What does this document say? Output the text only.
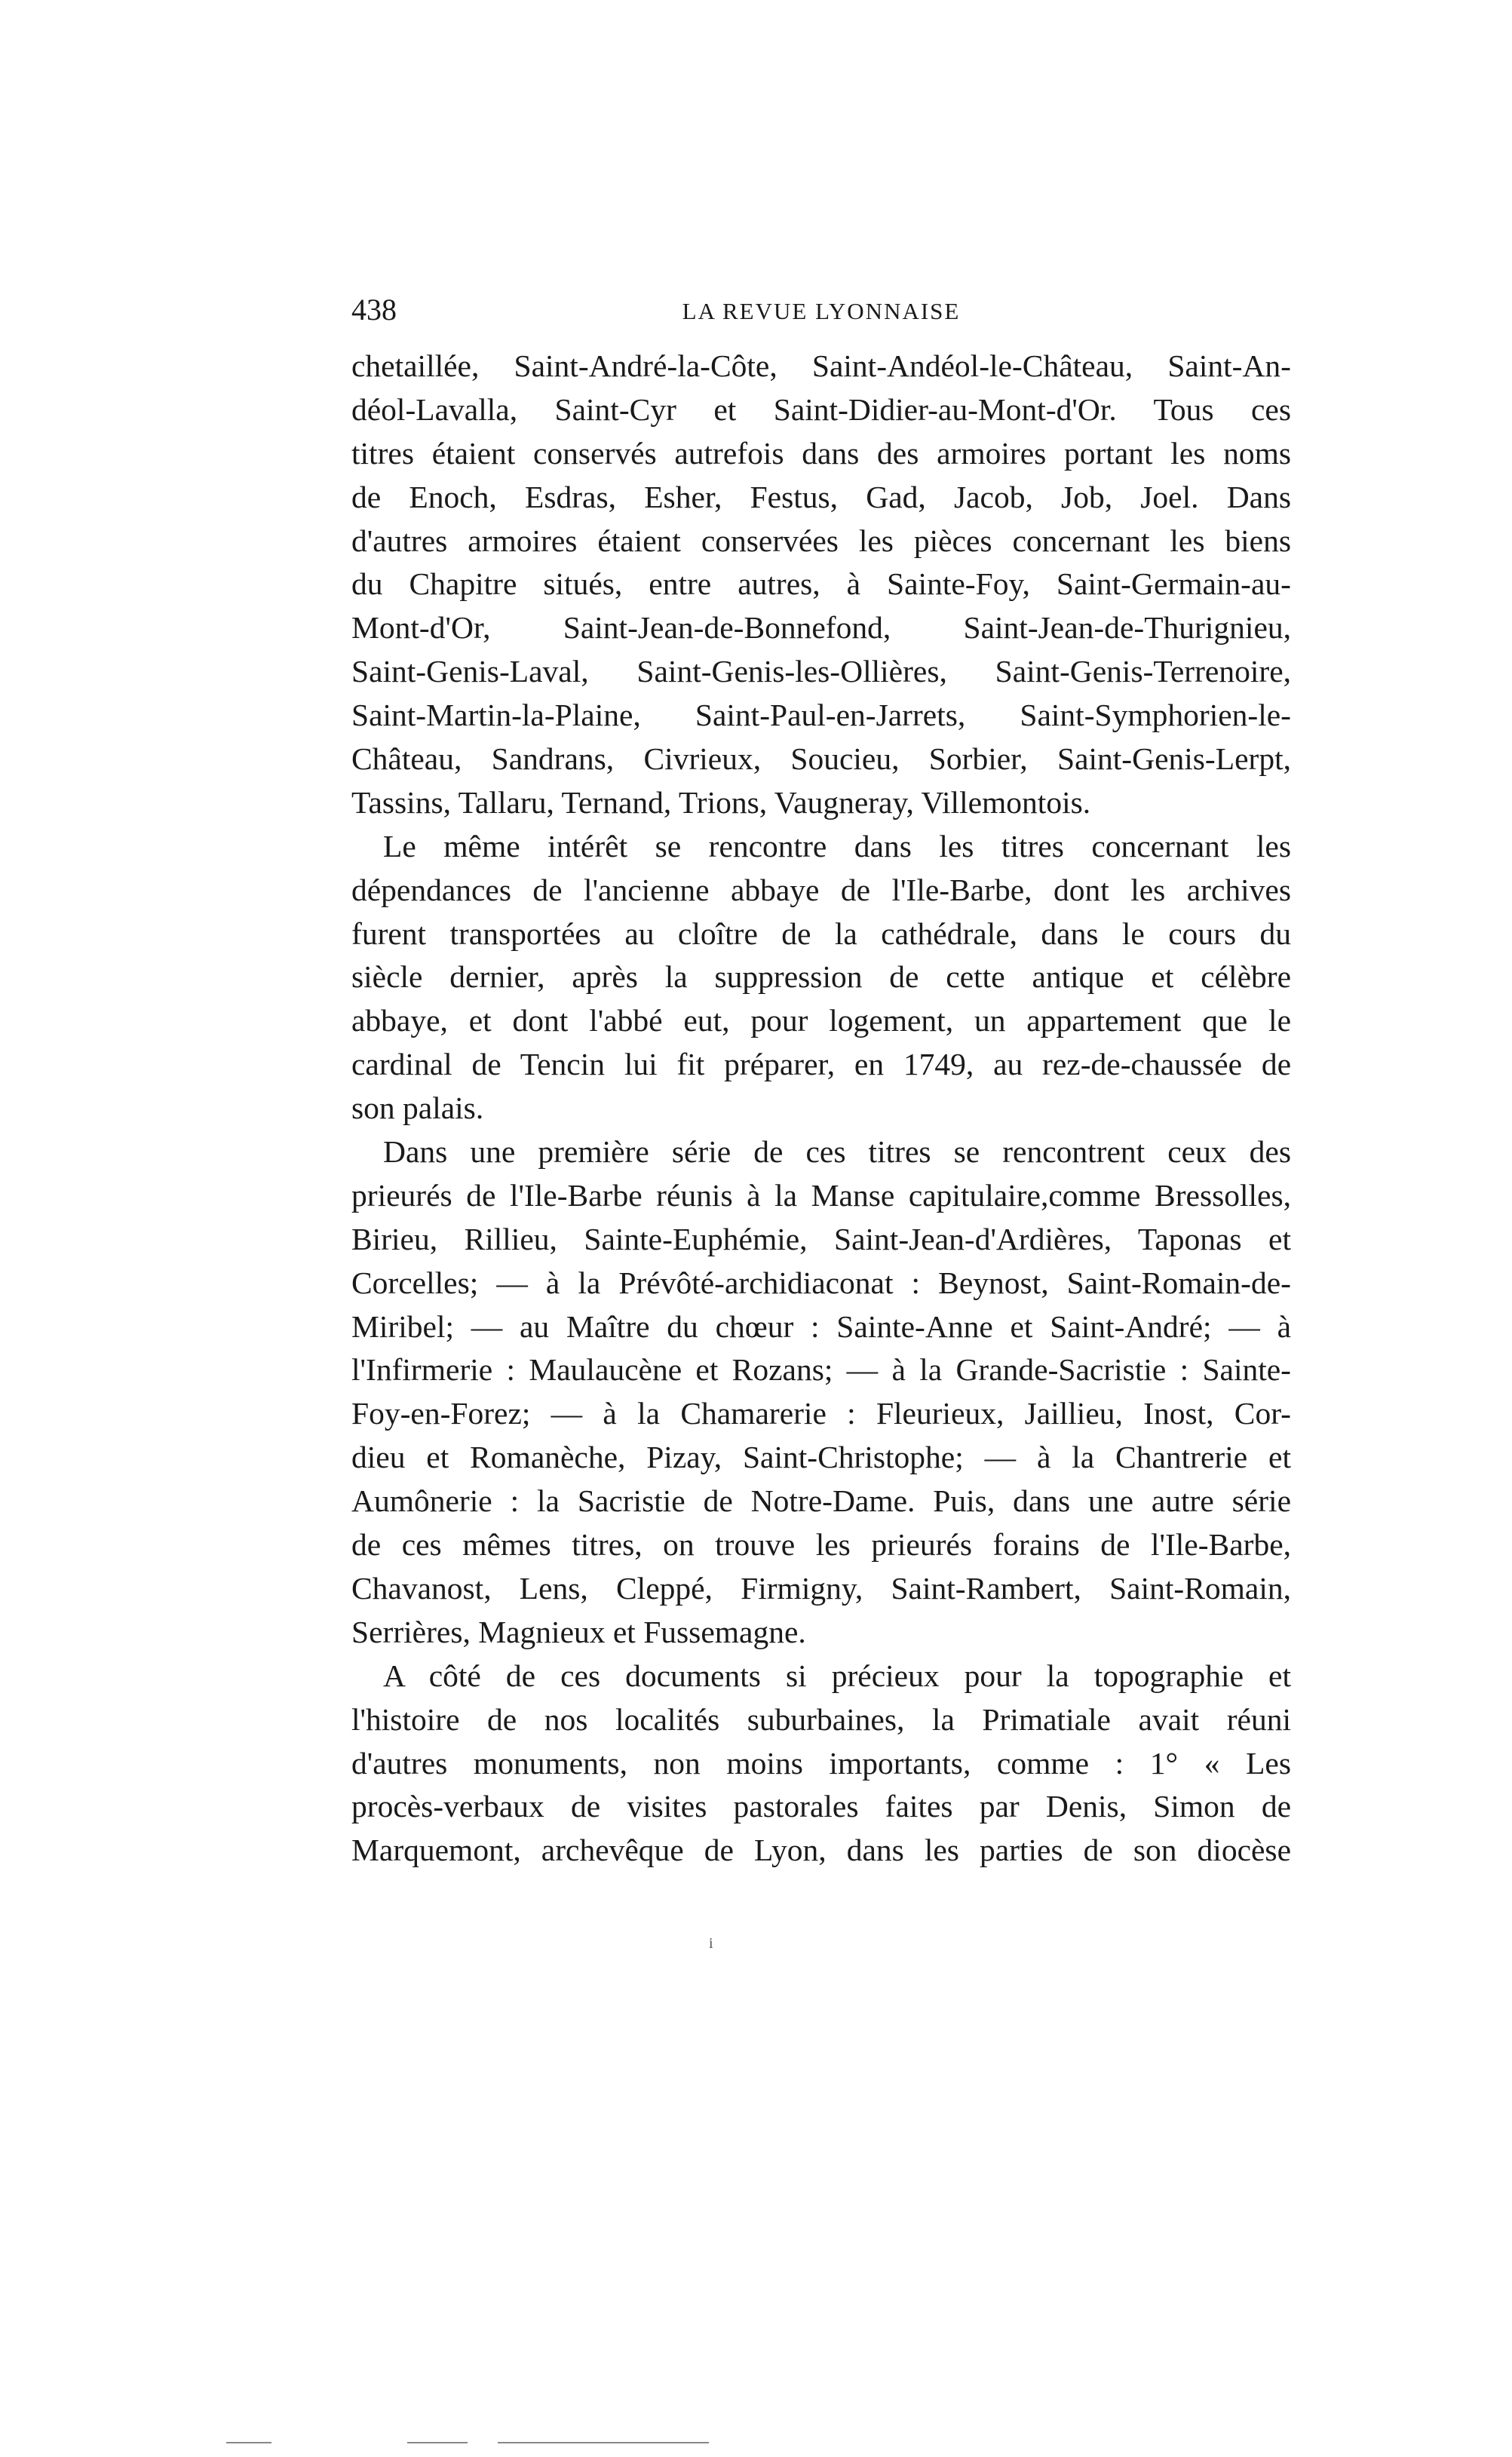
438	LA REVUE LYONNAISE
chetaillée, Saint-André-la-Côte, Saint-Andéol-le-Château, Saint-An-
déol-Lavalla, Saint-Cyr et Saint-Didier-au-Mont-d'Or. Tous ces
titres étaient conservés autrefois dans des armoires portant les noms
de Enoch, Esdras, Esher, Festus, Gad, Jacob, Job, Joel. Dans
d'autres armoires étaient conservées les pièces concernant les biens
du Chapitre situés, entre autres, à Sainte-Foy, Saint-Germain-au-
Mont-d'Or, Saint-Jean-de-Bonnefond, Saint-Jean-de-Thurignieu,
Saint-Genis-Laval, Saint-Genis-les-Ollières, Saint-Genis-Terrenoire,
Saint-Martin-la-Plaine, Saint-Paul-en-Jarrets, Saint-Symphorien-le-
Château, Sandrans, Civrieux, Soucieu, Sorbier, Saint-Genis-Lerpt,
Tassins, Tallaru, Ternand, Trions, Vaugneray, Villemontois.
Le même intérêt se rencontre dans les titres concernant les
dépendances de l'ancienne abbaye de l'Ile-Barbe, dont les archives
furent transportées au cloître de la cathédrale, dans le cours du
siècle dernier, après la suppression de cette antique et célèbre
abbaye, et dont l'abbé eut, pour logement, un appartement que le
cardinal de Tencin lui fit préparer, en 1749, au rez-de-chaussée de
son palais.
Dans une première série de ces titres se rencontrent ceux des
prieurés de l'Ile-Barbe réunis à la Manse capitulaire,comme Bressolles,
Birieu, Rillieu, Sainte-Euphémie, Saint-Jean-d'Ardières, Taponas et
Corcelles; — à la Prévôté-archidiaconat : Beynost, Saint-Romain-de-
Miribel; — au Maître du chœur : Sainte-Anne et Saint-André; — à
l'Infirmerie : Maulaucène et Rozans; — à la Grande-Sacristie : Sainte-
Foy-en-Forez; — à la Chamarerie : Fleurieux, Jaillieu, Inost, Cor-
dieu et Romanèche, Pizay, Saint-Christophe; — à la Chantrerie et
Aumônerie : la Sacristie de Notre-Dame. Puis, dans une autre série
de ces mêmes titres, on trouve les prieurés forains de l'Ile-Barbe,
Chavanost, Lens, Cleppé, Firmigny, Saint-Rambert, Saint-Romain,
Serrières, Magnieux et Fussemagne.
A côté de ces documents si précieux pour la topographie et
l'histoire de nos localités suburbaines, la Primatiale avait réuni
d'autres monuments, non moins importants, comme : 1° « Les
procès-verbaux de visites pastorales faites par Denis, Simon de
Marquemont, archevêque de Lyon, dans les parties de son diocèse
i
